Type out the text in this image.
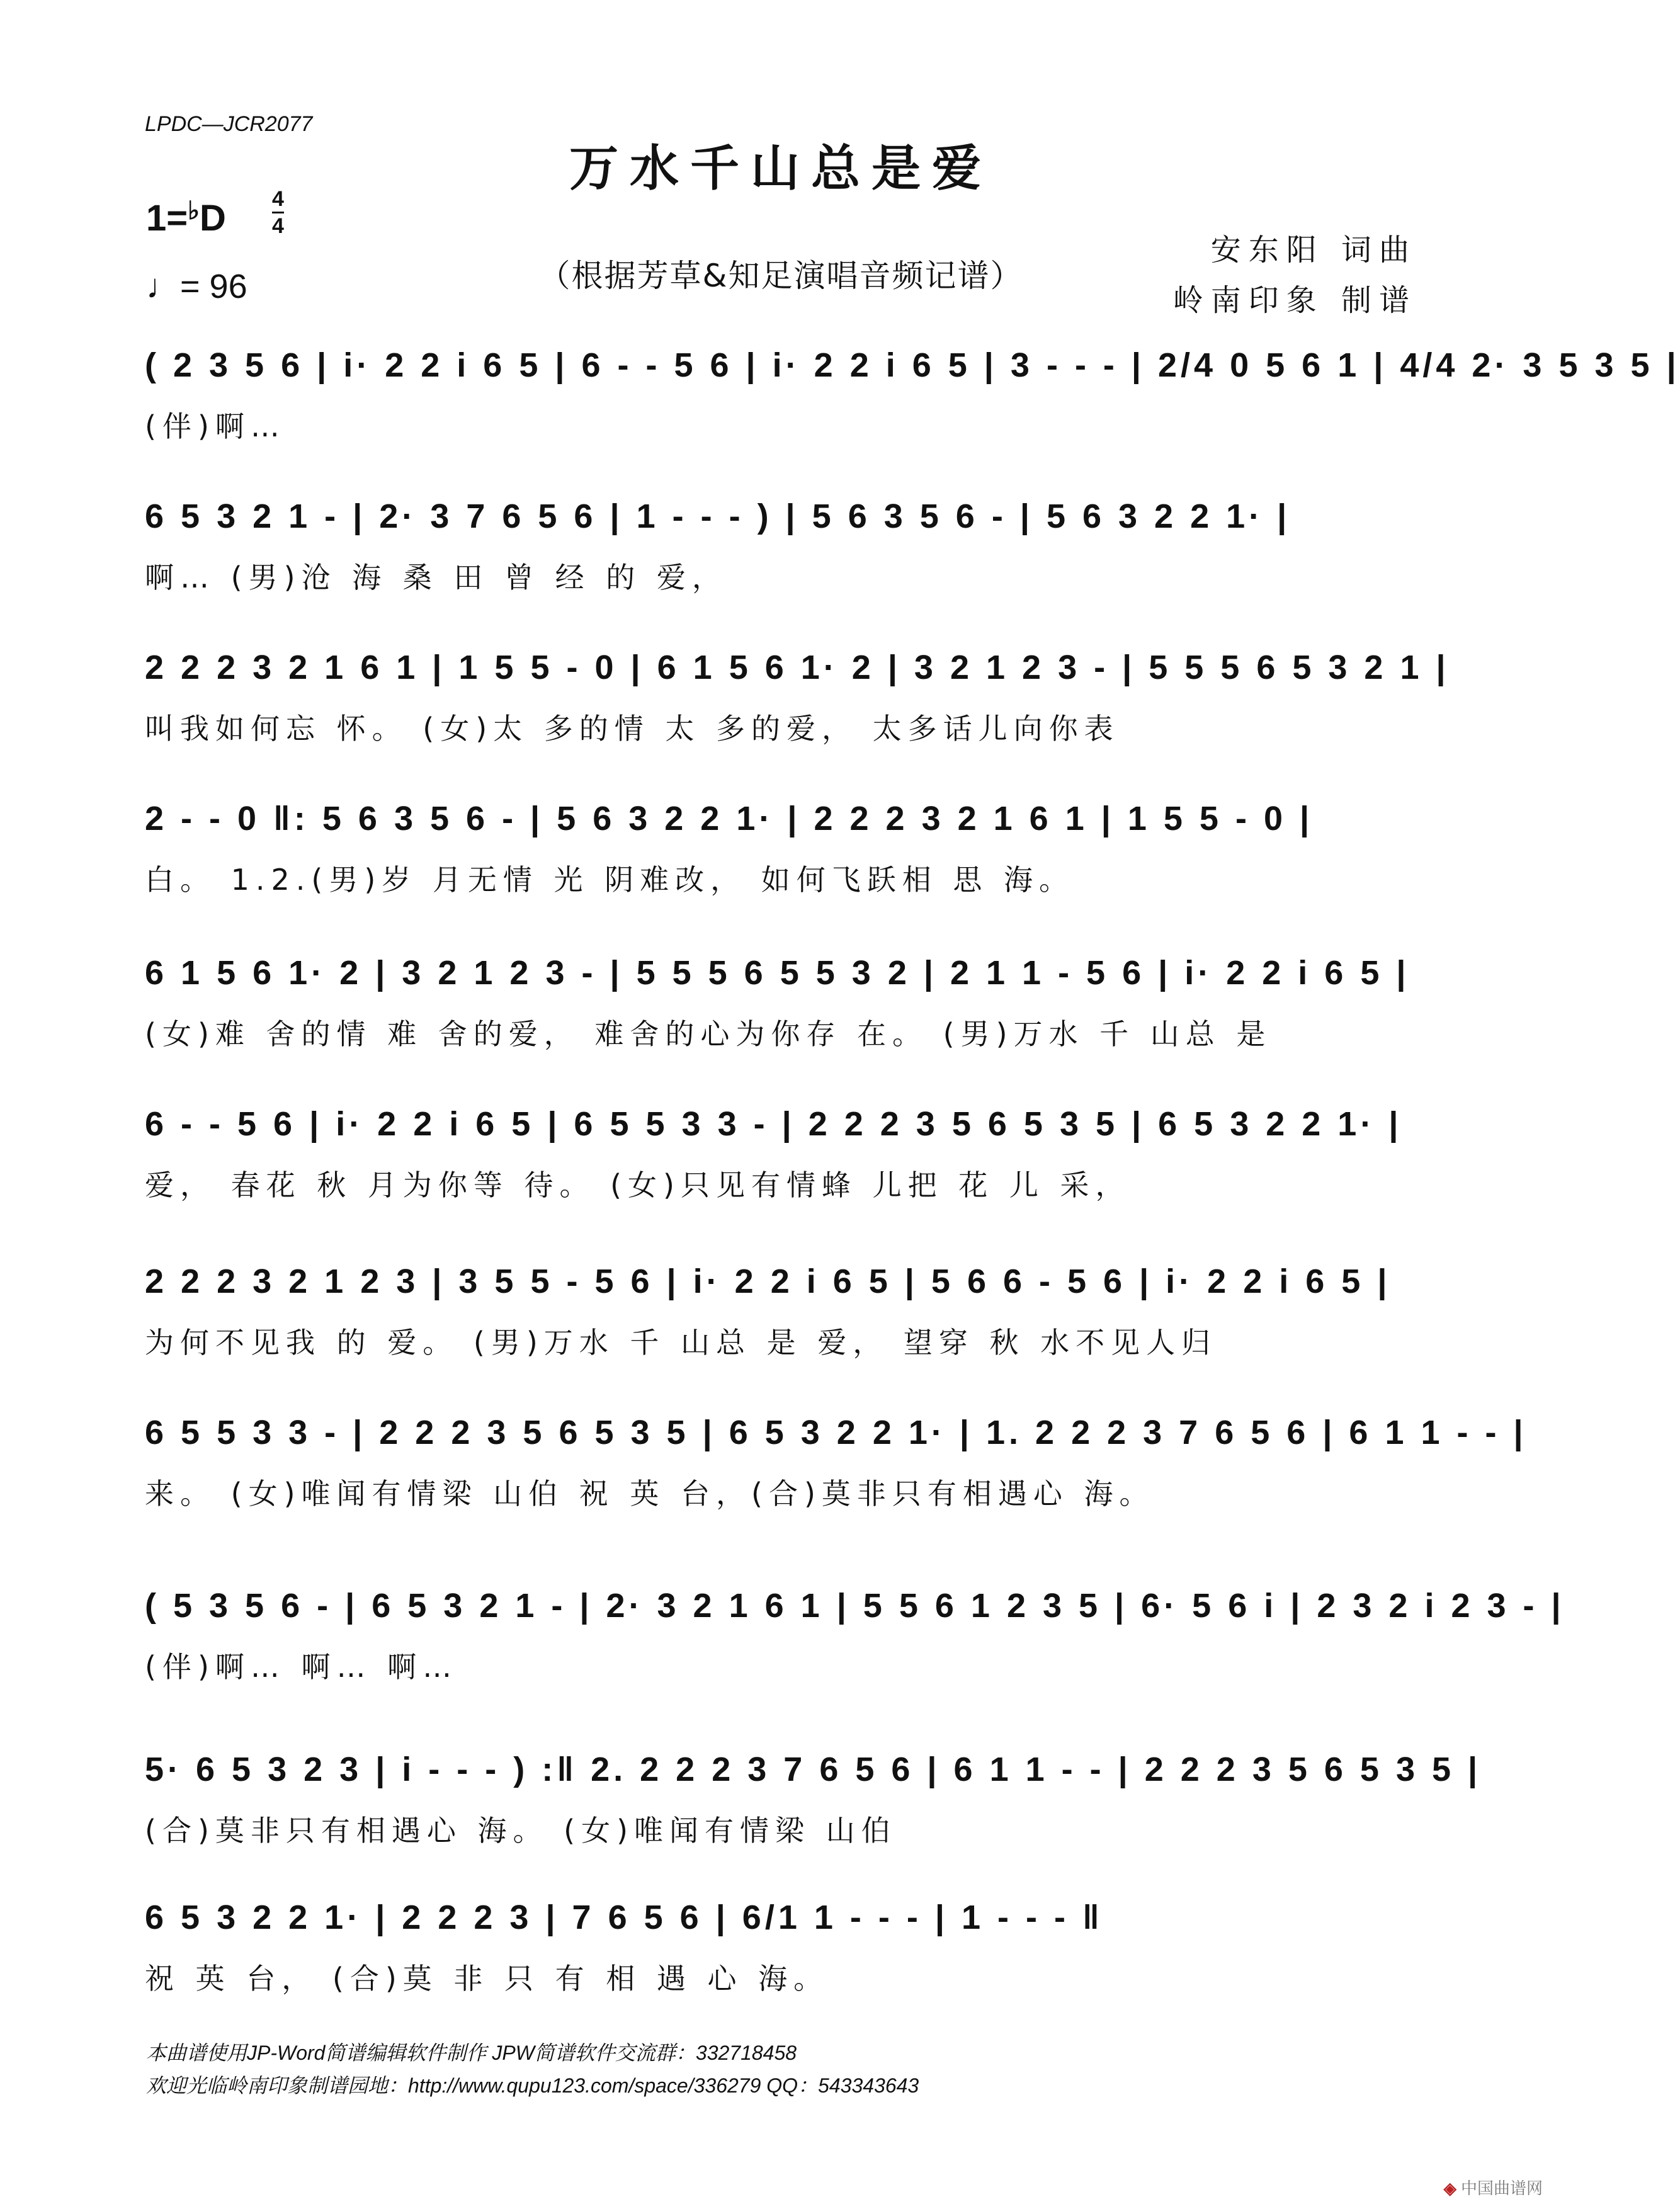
LPDC—JCR2077
万水千山总是爱
1=♭D 4
4
♩= 96	（根据芳草&知足演唱音频记谱）
安东阳 词曲
岭南印象 制谱
( 2 3 5 6 | i· 2 2 i 6 5 | 6 - - 5 6 | i· 2 2 i 6 5 | 3 - - - | 2/4 0 5 6 1 | 4/4 2· 3 5 3 5 |
(伴)啊…
6 5 3 2 1 - | 2· 3 7 6 5 6 | 1 - - - ) | 5 6 3 5 6 - | 5 6 3 2 2 1· |
啊… (男)沧 海 桑 田 曾 经 的 爱，
2 2 2 3 2 1 6 1 | 1 5 5 - 0 | 6 1 5 6 1· 2 | 3 2 1 2 3 - | 5 5 5 6 5 3 2 1 |
叫我如何忘 怀。 (女)太 多的情 太 多的爱， 太多话儿向你表
2 - - 0 ‖: 5 6 3 5 6 - | 5 6 3 2 2 1· | 2 2 2 3 2 1 6 1 | 1 5 5 - 0 |
白。 1.2.(男)岁 月无情 光 阴难改， 如何飞跃相 思 海。
6 1 5 6 1· 2 | 3 2 1 2 3 - | 5 5 5 6 5 5 3 2 | 2 1 1 - 5 6 | i· 2 2 i 6 5 |
(女)难 舍的情 难 舍的爱， 难舍的心为你存 在。 (男)万水 千 山总 是
6 - - 5 6 | i· 2 2 i 6 5 | 6 5 5 3 3 - | 2 2 2 3 5 6 5 3 5 | 6 5 3 2 2 1· |
爱， 春花 秋 月为你等 待。 (女)只见有情蜂 儿把 花 儿 采，
2 2 2 3 2 1 2 3 | 3 5 5 - 5 6 | i· 2 2 i 6 5 | 5 6 6 - 5 6 | i· 2 2 i 6 5 |
为何不见我 的 爱。 (男)万水 千 山总 是 爱， 望穿 秋 水不见人归
6 5 5 3 3 - | 2 2 2 3 5 6 5 3 5 | 6 5 3 2 2 1· | 1. 2 2 2 3 7 6 5 6 | 6 1 1 - - |
来。 (女)唯闻有情梁 山伯 祝 英 台，(合)莫非只有相遇心 海。
( 5 3 5 6 - | 6 5 3 2 1 - | 2· 3 2 1 6 1 | 5 5 6 1 2 3 5 | 6· 5 6 i | 2 3 2 i 2 3 - |
(伴)啊… 啊… 啊…
5· 6 5 3 2 3 | i - - - ) :‖ 2. 2 2 2 3 7 6 5 6 | 6 1 1 - - | 2 2 2 3 5 6 5 3 5 |
(合)莫非只有相遇心 海。 (女)唯闻有情梁 山伯
6 5 3 2 2 1· | 2 2 2 3 | 7 6 5 6 | 6/1 1 - - - | 1 - - - ‖
祝 英 台， (合)莫 非 只 有 相 遇 心 海。
本曲谱使用JP-Word简谱编辑软件制作 JPW简谱软件交流群：332718458
欢迎光临岭南印象制谱园地：http://www.qupu123.com/space/336279 QQ：543343643
◈ 中国曲谱网
